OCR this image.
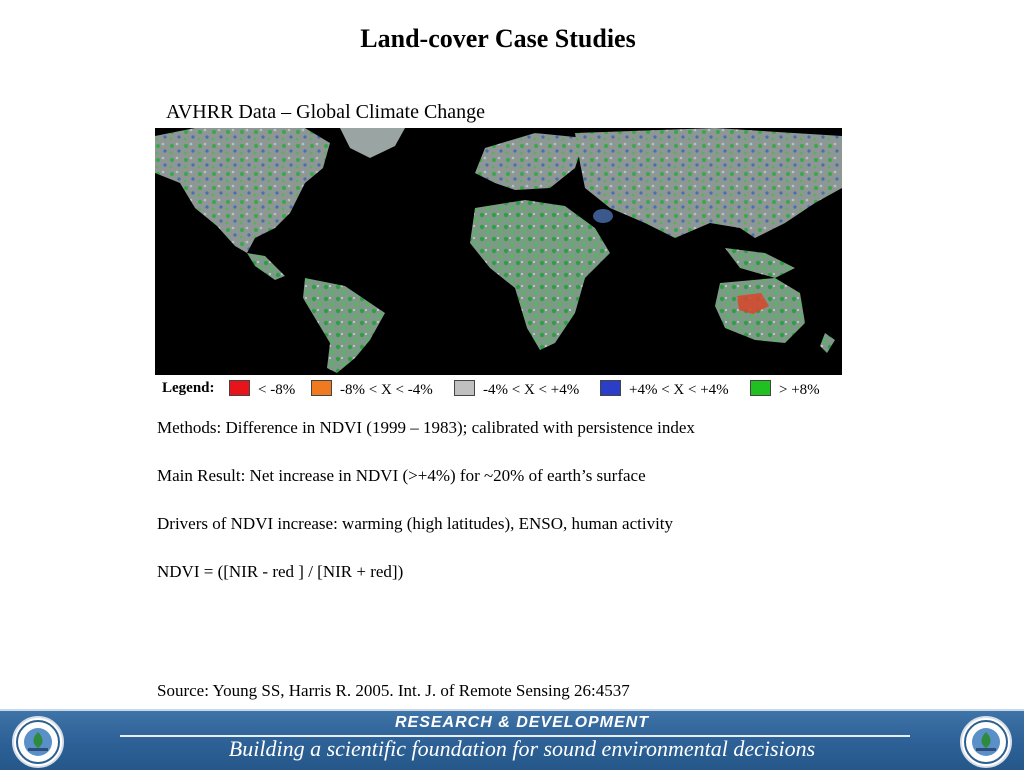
Land-cover Case Studies
AVHRR Data – Global Climate Change
Legend:	< -8%	-8% < X < -4%	-4% < X < +4%	+4% < X < +4%	> +8%
Methods: Difference in NDVI (1999 – 1983); calibrated with persistence index
Main Result: Net increase in NDVI (>+4%) for ~20% of earth’s surface
Drivers of NDVI increase: warming (high latitudes), ENSO, human activity
NDVI = ([NIR - red ] / [NIR + red])
Source: Young SS, Harris R. 2005. Int. J. of Remote Sensing 26:4537
RESEARCH & DEVELOPMENT
Building a scientific foundation for sound environmental decisions
